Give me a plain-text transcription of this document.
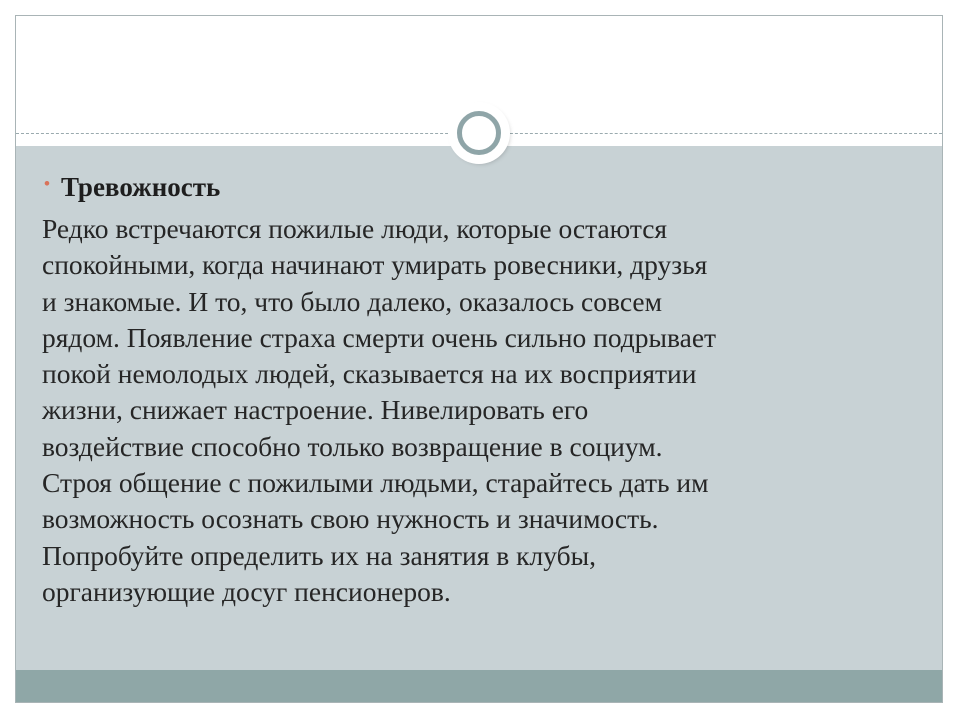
• Тревожность

Редко встречаются пожилые люди, которые остаются
спокойными, когда начинают умирать ровесники, друзья
и знакомые. И то, что было далеко, оказалось совсем
рядом. Появление страха смерти очень сильно подрывает
покой немолодых людей, сказывается на их восприятии
жизни, снижает настроение. Нивелировать его
воздействие способно только возвращение в социум.
Строя общение с пожилыми людьми, старайтесь дать им
возможность осознать свою нужность и значимость.
Попробуйте определить их на занятия в клубы,
организующие досуг пенсионеров.
